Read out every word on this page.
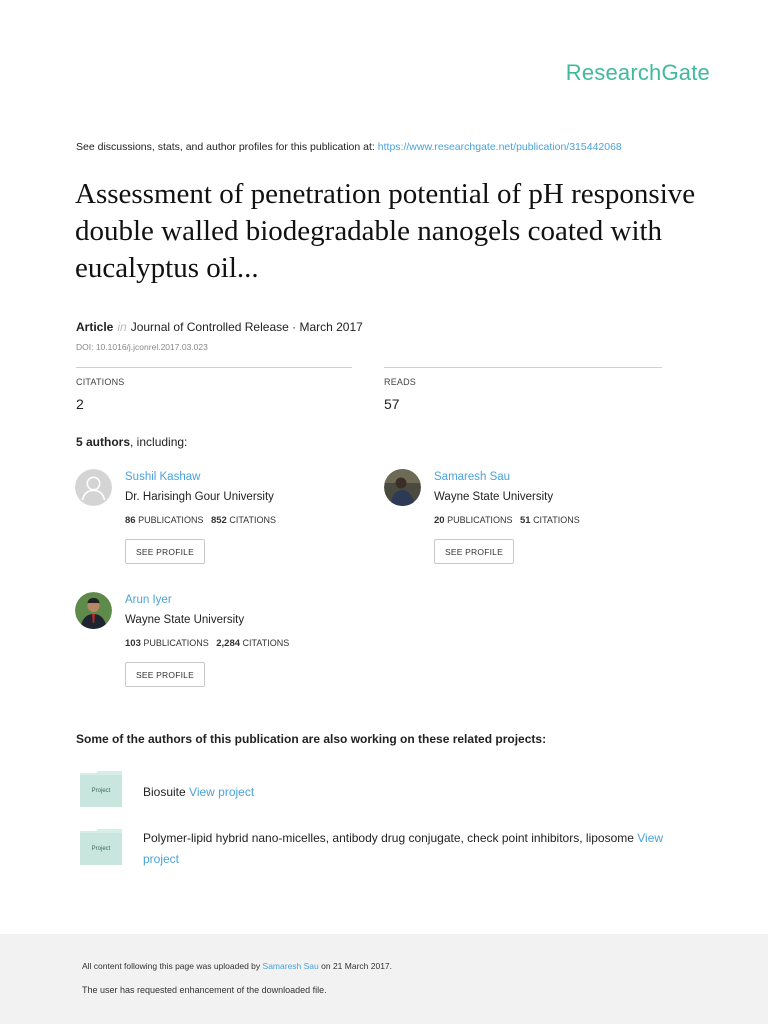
ResearchGate
See discussions, stats, and author profiles for this publication at: https://www.researchgate.net/publication/315442068
Assessment of penetration potential of pH responsive double walled biodegradable nanogels coated with eucalyptus oil...
Article in Journal of Controlled Release · March 2017
DOI: 10.1016/j.jconrel.2017.03.023
CITATIONS
2
READS
57
5 authors, including:
Sushil Kashaw
Dr. Harisingh Gour University
86 PUBLICATIONS 852 CITATIONS
SEE PROFILE
Samaresh Sau
Wayne State University
20 PUBLICATIONS 51 CITATIONS
SEE PROFILE
Arun Iyer
Wayne State University
103 PUBLICATIONS 2,284 CITATIONS
SEE PROFILE
Some of the authors of this publication are also working on these related projects:
Project	Biosuite View project
Project
Polymer-lipid hybrid nano-micelles, antibody drug conjugate, check point inhibitors, liposome View project
All content following this page was uploaded by Samaresh Sau on 21 March 2017.
The user has requested enhancement of the downloaded file.
